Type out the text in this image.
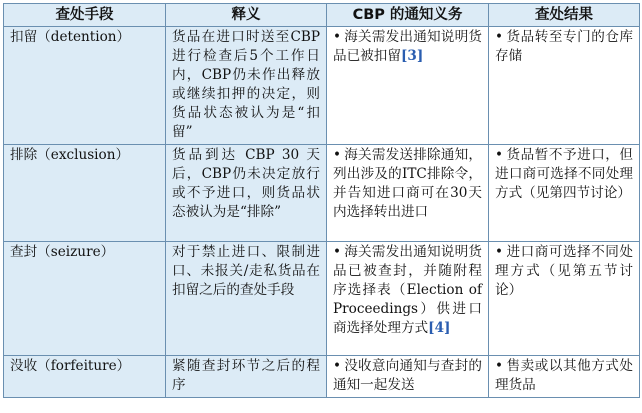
查处手段	释义	CBP 的通知义务	查处结果
扣留（detention）	货品在进口时送至CBP进行检查后5个工作日内，CBP仍未作出释放或继续扣押的决定，则货品状态被认为是“扣留”	• 海关需发出通知说明货品已被扣留[3]	• 货品转至专门的仓库存储
排除（exclusion）	货品到达 CBP 30 天后，CBP仍未决定放行或不予进口，则货品状态被认为是“排除”	• 海关需发送排除通知，列出涉及的ITC排除令，并告知进口商可在30天内选择转出进口	• 货品暂不予进口，但进口商可选择不同处理方式（见第四节讨论）
查封（seizure）	对于禁止进口、限制进口、未报关/走私货品在扣留之后的查处手段	• 海关需发出通知说明货品已被查封，并随附程序选择表（Election of Proceedings）供进口商选择处理方式[4]	• 进口商可选择不同处理方式（见第五节讨论）
没收（forfeiture）	紧随查封环节之后的程序	• 没收意向通知与查封的通知一起发送	• 售卖或以其他方式处理货品
